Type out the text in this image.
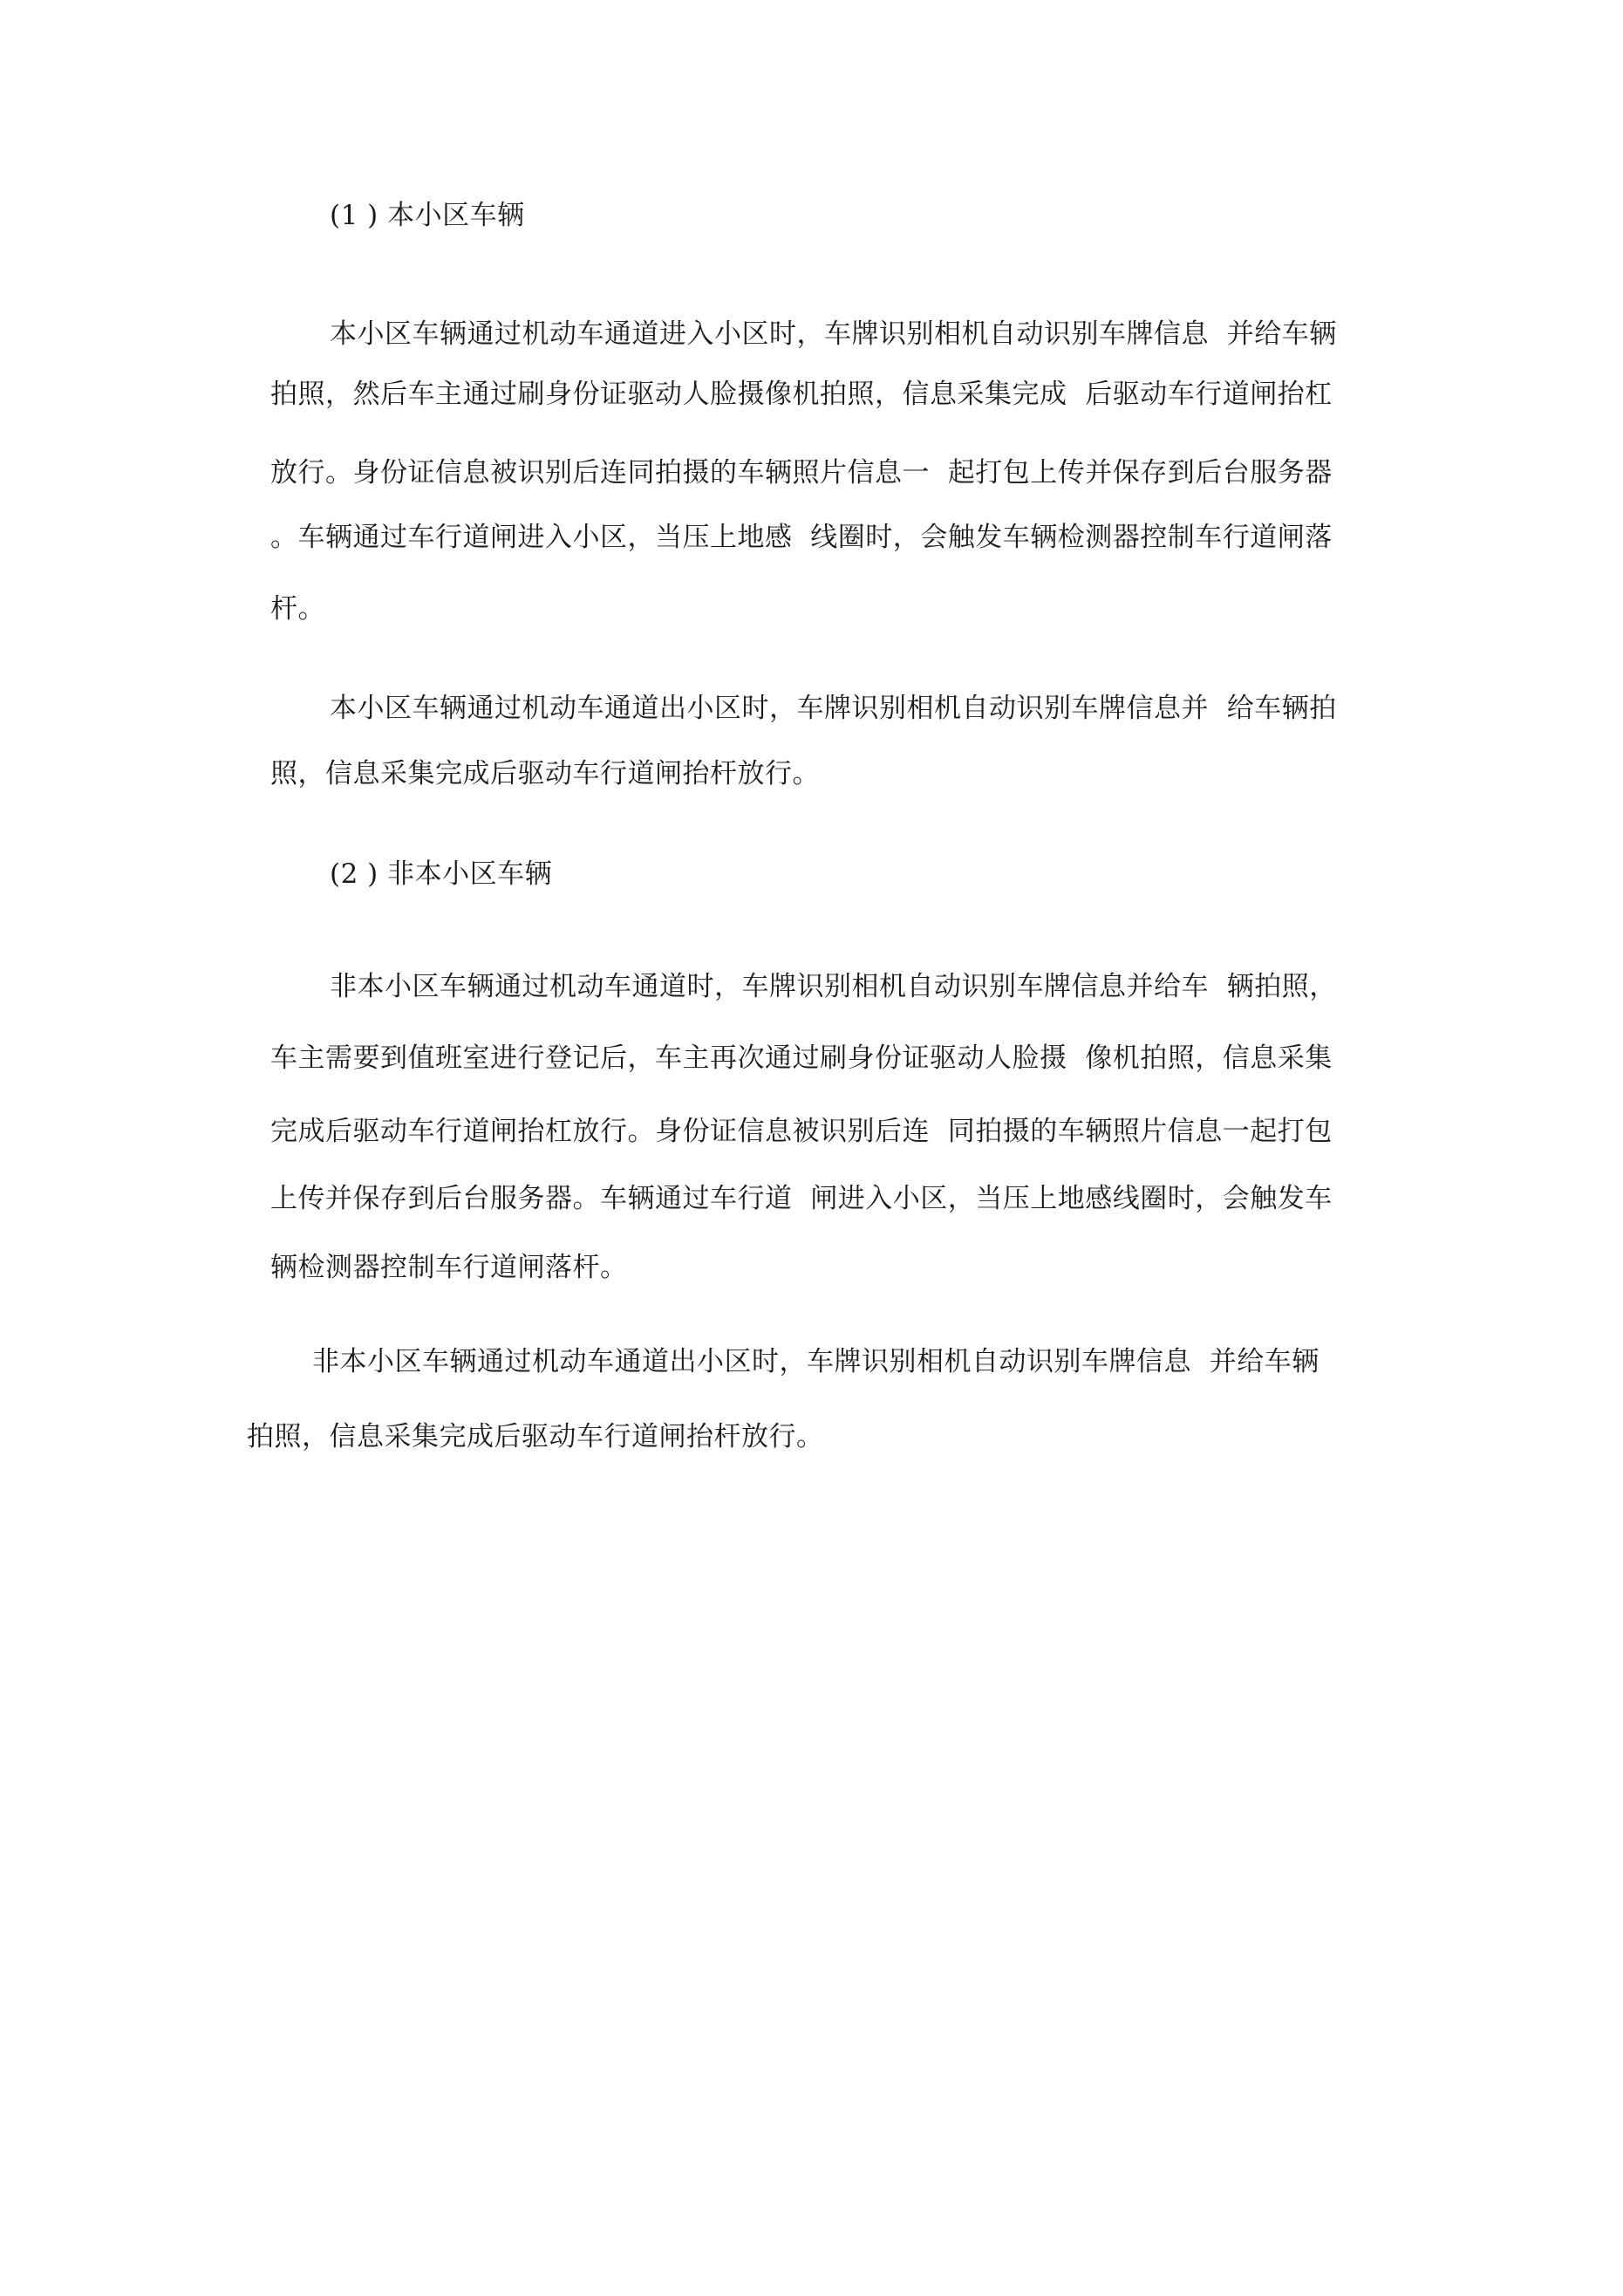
(1 ) 本小区车辆
本小区车辆通过机动车通道进入小区时，车牌识别相机自动识别车牌信息  并给车辆
拍照，然后车主通过刷身份证驱动人脸摄像机拍照，信息采集完成  后驱动车行道闸抬杠
放行。身份证信息被识别后连同拍摄的车辆照片信息一  起打包上传并保存到后台服务器
。车辆通过车行道闸进入小区，当压上地感  线圈时，会触发车辆检测器控制车行道闸落
杆。
本小区车辆通过机动车通道出小区时，车牌识别相机自动识别车牌信息并  给车辆拍
照，信息采集完成后驱动车行道闸抬杆放行。
(2 ) 非本小区车辆
非本小区车辆通过机动车通道时，车牌识别相机自动识别车牌信息并给车  辆拍照，
车主需要到值班室进行登记后，车主再次通过刷身份证驱动人脸摄  像机拍照，信息采集
完成后驱动车行道闸抬杠放行。身份证信息被识别后连  同拍摄的车辆照片信息一起打包
上传并保存到后台服务器。车辆通过车行道  闸进入小区，当压上地感线圈时，会触发车
辆检测器控制车行道闸落杆。
非本小区车辆通过机动车通道出小区时，车牌识别相机自动识别车牌信息  并给车辆
拍照，信息采集完成后驱动车行道闸抬杆放行。
